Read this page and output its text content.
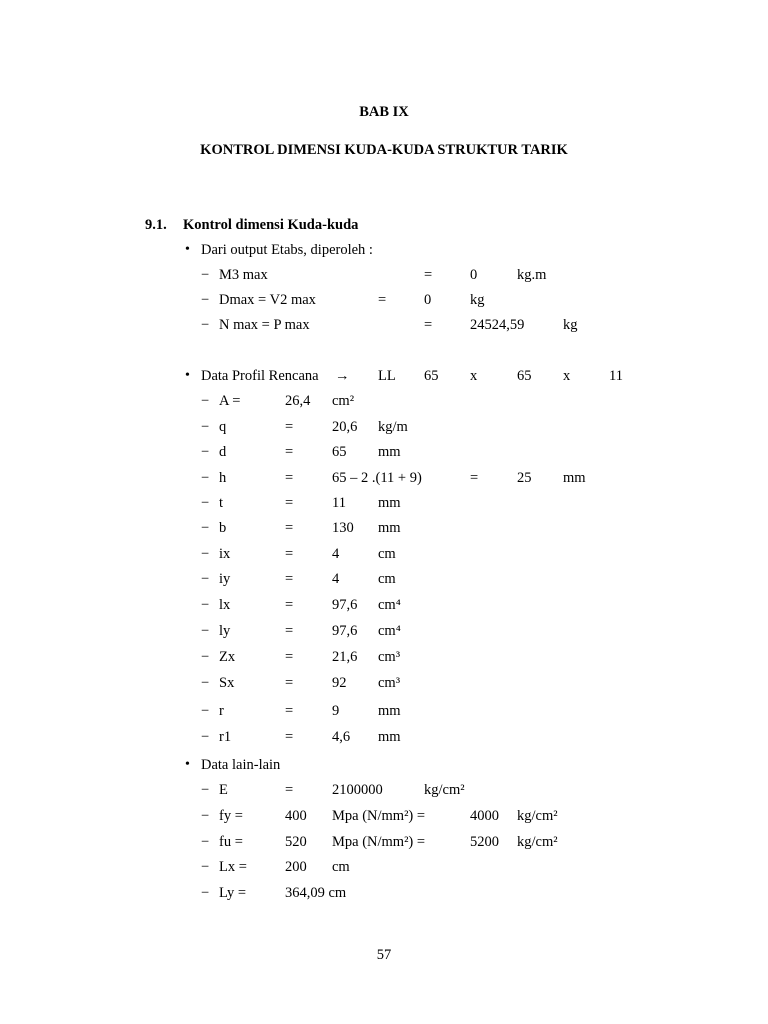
BAB IX
KONTROL DIMENSI KUDA-KUDA STRUKTUR TARIK
9.1. Kontrol dimensi Kuda-kuda
• Dari output Etabs, diperoleh :
− M3 max	=	0	kg.m
− Dmax = V2 max	=	0	kg
− N max = P max	=	24524,59	kg
• Data Profil Rencana → LL 65 x	65 x	11
− A =	26,4 cm²
− q	=	20,6 kg/m
− d	=	65 mm
− h	=	65 – 2 .(11 + 9)	=	25 mm
− t	=	11 mm
− b	=	130 mm
− ix	=	4	cm
− iy	=	4	cm
− lx	=	97,6 cm⁴
− ly	=	97,6 cm⁴
− Zx	=	21,6 cm³
− Sx	=	92 cm³
− r	=	9	mm
− r1	=	4,6 mm
• Data lain-lain
− E	=	2100000	kg/cm²
− fy =	400 Mpa (N/mm²) =	4000 kg/cm²
− fu =	520 Mpa (N/mm²) =	5200 kg/cm²
− Lx =	200 cm
− Ly =	364,09 cm
57
